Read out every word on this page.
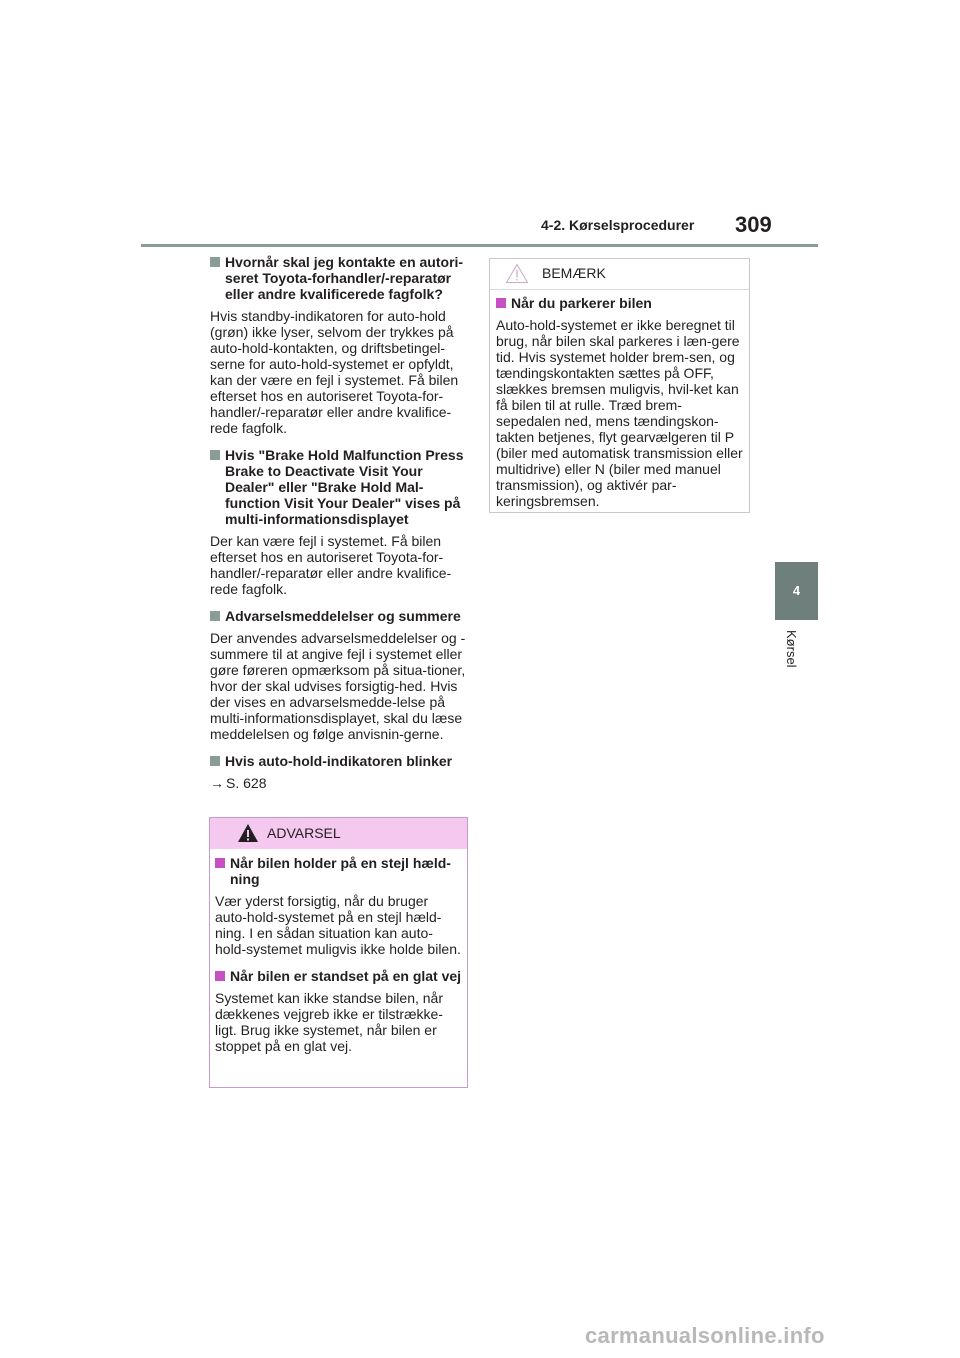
4-2. Kørselsprocedurer 309
4
Kørsel
Hvornår skal jeg kontakte en autori-seret Toyota-forhandler/-reparatør eller andre kvalificerede fagfolk?

Hvis standby-indikatoren for auto-hold (grøn) ikke lyser, selvom der trykkes på auto-hold-kontakten, og driftsbetingel-serne for auto-hold-systemet er opfyldt, kan der være en fejl i systemet. Få bilen efterset hos en autoriseret Toyota-for-handler/-reparatør eller andre kvalifice-rede fagfolk.

Hvis "Brake Hold Malfunction Press Brake to Deactivate Visit Your Dealer" eller "Brake Hold Mal-function Visit Your Dealer" vises på multi-informationsdisplayet

Der kan være fejl i systemet. Få bilen efterset hos en autoriseret Toyota-for-handler/-reparatør eller andre kvalifice-rede fagfolk.

Advarselsmeddelelser og summere

Der anvendes advarselsmeddelelser og -summere til at angive fejl i systemet eller gøre føreren opmærksom på situa-tioner, hvor der skal udvises forsigtig-hed. Hvis der vises en advarselsmedde-lelse på multi-informationsdisplayet, skal du læse meddelelsen og følge anvisnin-gerne.

Hvis auto-hold-indikatoren blinker
→ S. 628
ADVARSEL
Når bilen holder på en stejl hæld-ning

Vær yderst forsigtig, når du bruger auto-hold-systemet på en stejl hæld-ning. I en sådan situation kan auto-hold-systemet muligvis ikke holde bilen.

Når bilen er standset på en glat vej

Systemet kan ikke standse bilen, når dækkenes vejgreb ikke er tilstrække-ligt. Brug ikke systemet, når bilen er stoppet på en glat vej.

BEMÆRK
Når du parkerer bilen

Auto-hold-systemet er ikke beregnet til brug, når bilen skal parkeres i læn-gere tid. Hvis systemet holder brem-sen, og tændingskontakten sættes på OFF, slækkes bremsen muligvis, hvil-ket kan få bilen til at rulle. Træd brem-sepedalen ned, mens tændingskon-takten betjenes, flyt gearvælgeren til P (biler med automatisk transmission eller multidrive) eller N (biler med manuel transmission), og aktivér par-keringsbremsen.

carmanualsonline.info
